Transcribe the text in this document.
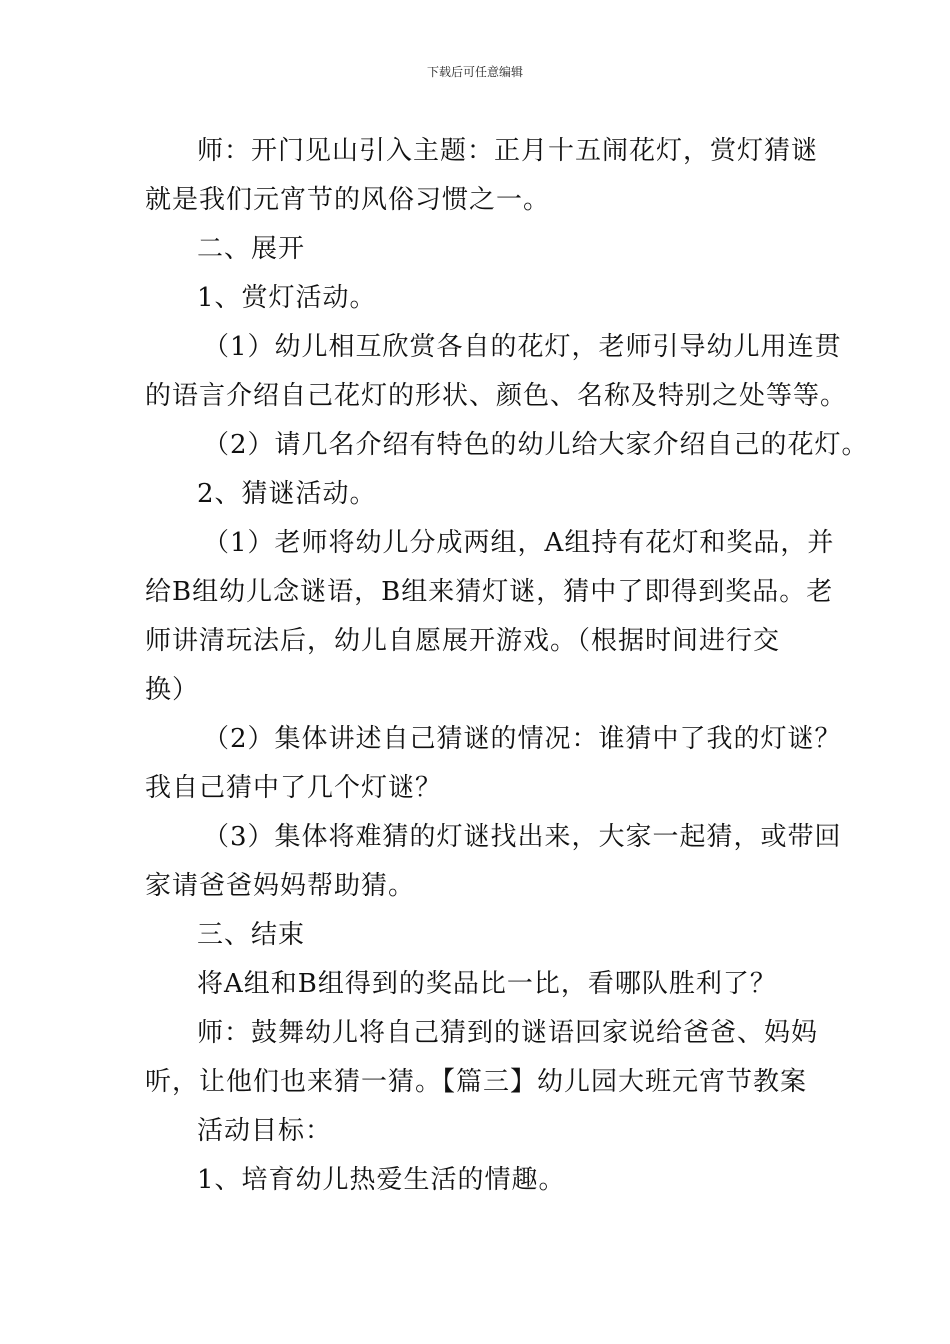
下载后可任意编辑

师：开门见山引入主题：正月十五闹花灯，赏灯猜谜

就是我们元宵节的风俗习惯之一。

二、展开

1、赏灯活动。

（1）幼儿相互欣赏各自的花灯，老师引导幼儿用连贯

的语言介绍自己花灯的形状、颜色、名称及特别之处等等。

（2）请几名介绍有特色的幼儿给大家介绍自己的花灯。

2、猜谜活动。

（1）老师将幼儿分成两组，A组持有花灯和奖品，并

给B组幼儿念谜语，B组来猜灯谜，猜中了即得到奖品。老

师讲清玩法后，幼儿自愿展开游戏。（根据时间进行交

换）

（2）集体讲述自己猜谜的情况：谁猜中了我的灯谜？

我自己猜中了几个灯谜？

（3）集体将难猜的灯谜找出来，大家一起猜，或带回

家请爸爸妈妈帮助猜。

三、结束

将A组和B组得到的奖品比一比，看哪队胜利了？

师：鼓舞幼儿将自己猜到的谜语回家说给爸爸、妈妈

听，让他们也来猜一猜。【篇三】幼儿园大班元宵节教案

活动目标：

1、培育幼儿热爱生活的情趣。
